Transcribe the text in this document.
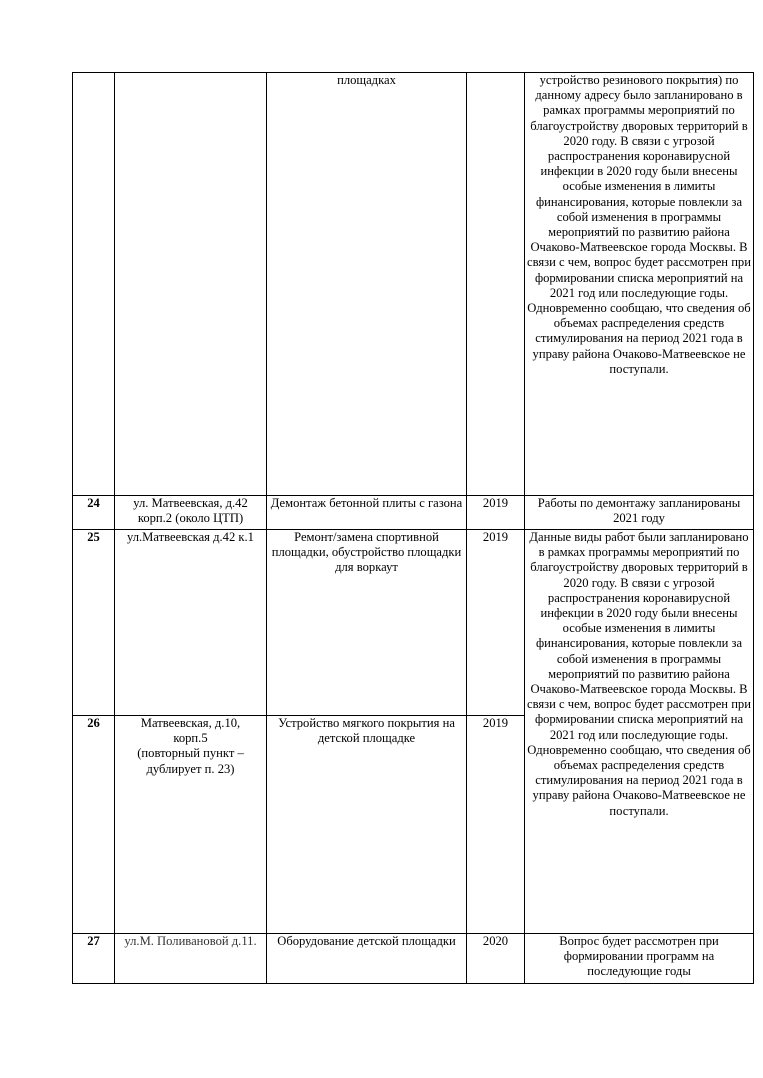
		площадках		устройство резинового покрытия) по данному адресу было запланировано в рамках программы мероприятий по благоустройству дворовых территорий в 2020 году. В связи с угрозой распространения коронавирусной инфекции в 2020 году были внесены особые изменения в лимиты финансирования, которые повлекли за собой изменения в программы мероприятий по развитию района Очаково-Матвеевское города Москвы. В связи с чем, вопрос будет рассмотрен при формировании списка мероприятий на 2021 год или последующие годы. Одновременно сообщаю, что сведения об объемах распределения средств стимулирования на период 2021 года в управу района Очаково-Матвеевское не поступали.
24	ул. Матвеевская, д.42 корп.2 (около ЦТП)	Демонтаж бетонной плиты с газона	2019	Работы по демонтажу запланированы 2021 году
25	ул.Матвеевская д.42 к.1	Ремонт/замена спортивной площадки, обустройство площадки для воркаут	2019	Данные виды работ были запланировано в рамках программы мероприятий по благоустройству дворовых территорий в 2020 году. В связи с угрозой распространения коронавирусной инфекции в 2020 году были внесены особые изменения в лимиты финансирования, которые повлекли за собой изменения в программы мероприятий по развитию района Очаково-Матвеевское города Москвы. В связи с чем, вопрос будет рассмотрен при формировании списка мероприятий на 2021 год или последующие годы. Одновременно сообщаю, что сведения об объемах распределения средств стимулирования на период 2021 года в управу района Очаково-Матвеевское не поступали.
26	Матвеевская, д.10,
корп.5
(повторный пункт –
дублирует п. 23)	Устройство мягкого покрытия на детской площадке	2019	
27	ул.М. Поливановой д.11.	Оборудование детской площадки	2020	Вопрос будет рассмотрен при формировании программ на последующие годы
